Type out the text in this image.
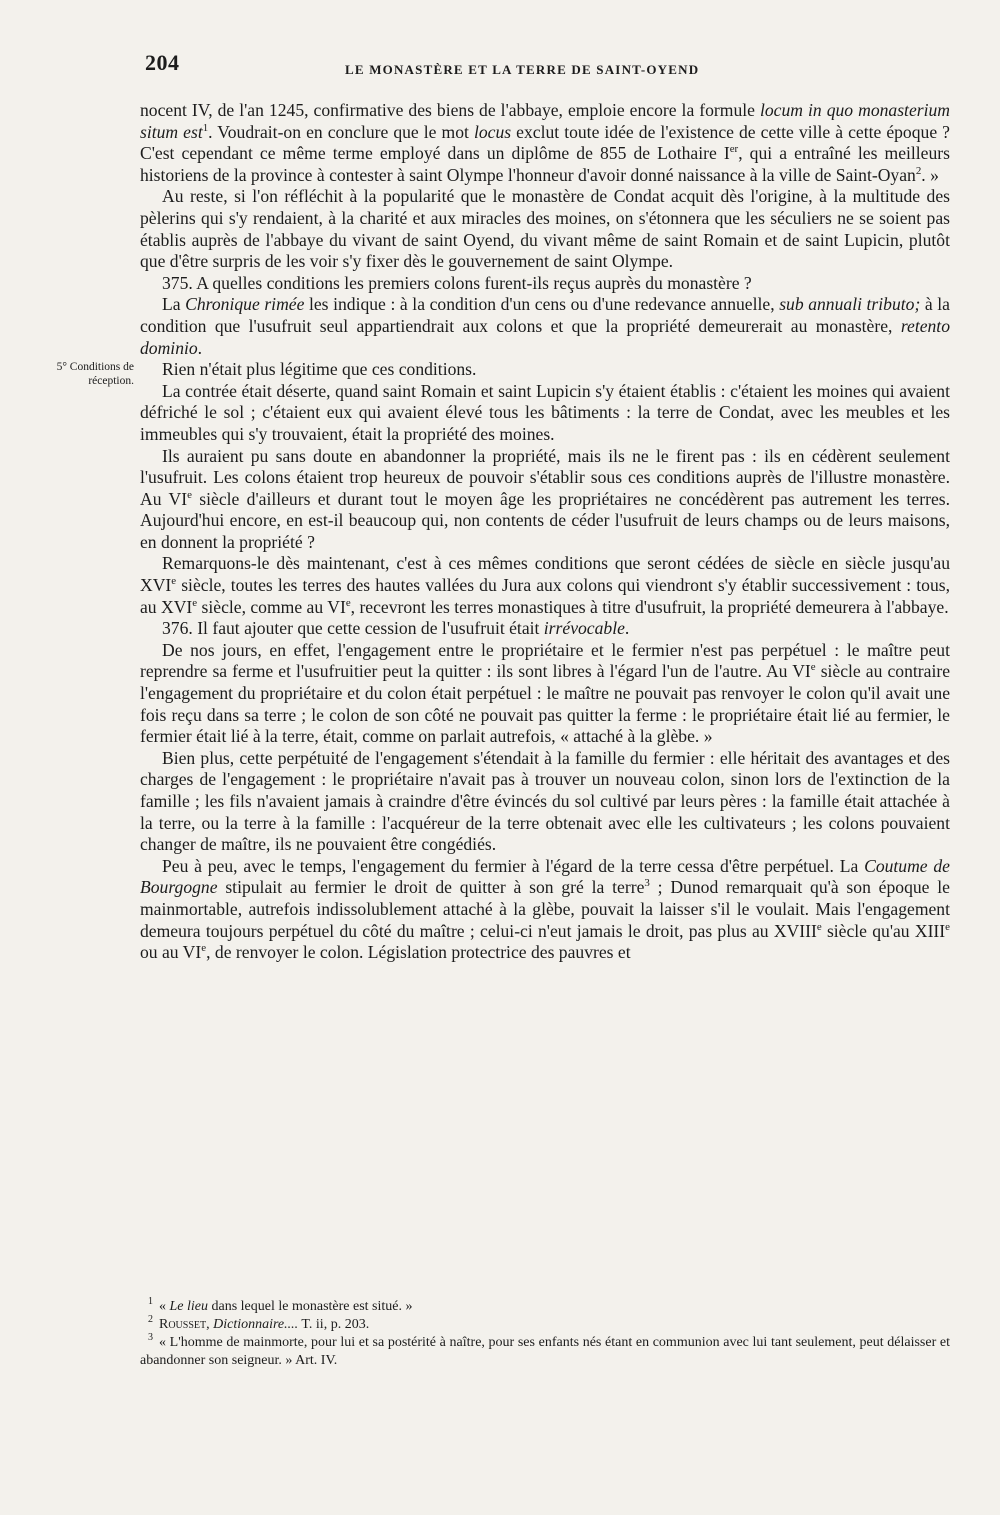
204	LE MONASTÈRE ET LA TERRE DE SAINT-OYEND
5° Conditions de réception.

nocent IV, de l'an 1245, confirmative des biens de l'abbaye, emploie encore la formule locum in quo monasterium situm est$^1$. Voudrait-on en conclure que le mot locus exclut toute idée de l'existence de cette ville à cette époque ? C'est cependant ce même terme employé dans un diplôme de 855 de Lothaire Ier, qui a entraîné les meilleurs historiens de la province à contester à saint Olympe l'honneur d'avoir donné naissance à la ville de Saint-Oyan$^2$. »

Au reste, si l'on réfléchit à la popularité que le monastère de Condat acquit dès l'origine, à la multitude des pèlerins qui s'y rendaient, à la charité et aux miracles des moines, on s'étonnera que les séculiers ne se soient pas établis auprès de l'abbaye du vivant de saint Oyend, du vivant même de saint Romain et de saint Lupicin, plutôt que d'être surpris de les voir s'y fixer dès le gouvernement de saint Olympe.

375. A quelles conditions les premiers colons furent-ils reçus auprès du monastère ?

La Chronique rimée les indique : à la condition d'un cens ou d'une redevance annuelle, sub annuali tributo; à la condition que l'usufruit seul appartiendrait aux colons et que la propriété demeurerait au monastère, retento dominio.

Rien n'était plus légitime que ces conditions.

La contrée était déserte, quand saint Romain et saint Lupicin s'y étaient établis : c'étaient les moines qui avaient défriché le sol ; c'étaient eux qui avaient élevé tous les bâtiments : la terre de Condat, avec les meubles et les immeubles qui s'y trouvaient, était la propriété des moines.

Ils auraient pu sans doute en abandonner la propriété, mais ils ne le firent pas : ils en cédèrent seulement l'usufruit. Les colons étaient trop heureux de pouvoir s'établir sous ces conditions auprès de l'illustre monastère. Au VIe siècle d'ailleurs et durant tout le moyen âge les propriétaires ne concédèrent pas autrement les terres. Aujourd'hui encore, en est-il beaucoup qui, non contents de céder l'usufruit de leurs champs ou de leurs maisons, en donnent la propriété ?

Remarquons-le dès maintenant, c'est à ces mêmes conditions que seront cédées de siècle en siècle jusqu'au XVIe siècle, toutes les terres des hautes vallées du Jura aux colons qui viendront s'y établir successivement : tous, au XVIe siècle, comme au VIe, recevront les terres monastiques à titre d'usufruit, la propriété demeurera à l'abbaye.

376. Il faut ajouter que cette cession de l'usufruit était irrévocable.

De nos jours, en effet, l'engagement entre le propriétaire et le fermier n'est pas perpétuel : le maître peut reprendre sa ferme et l'usufruitier peut la quitter : ils sont libres à l'égard l'un de l'autre. Au VIe siècle au contraire l'engagement du propriétaire et du colon était perpétuel : le maître ne pouvait pas renvoyer le colon qu'il avait une fois reçu dans sa terre ; le colon de son côté ne pouvait pas quitter la ferme : le propriétaire était lié au fermier, le fermier était lié à la terre, était, comme on parlait autrefois, « attaché à la glèbe. »

Bien plus, cette perpétuité de l'engagement s'étendait à la famille du fermier : elle héritait des avantages et des charges de l'engagement : le propriétaire n'avait pas à trouver un nouveau colon, sinon lors de l'extinction de la famille ; les fils n'avaient jamais à craindre d'être évincés du sol cultivé par leurs pères : la famille était attachée à la terre, ou la terre à la famille : l'acquéreur de la terre obtenait avec elle les cultivateurs ; les colons pouvaient changer de maître, ils ne pouvaient être congédiés.

Peu à peu, avec le temps, l'engagement du fermier à l'égard de la terre cessa d'être perpétuel. La Coutume de Bourgogne stipulait au fermier le droit de quitter à son gré la terre$^3$ ; Dunod remarquait qu'à son époque le mainmortable, autrefois indissolublement attaché à la glèbe, pouvait la laisser s'il le voulait. Mais l'engagement demeura toujours perpétuel du côté du maître ; celui-ci n'eut jamais le droit, pas plus au XVIIIe siècle qu'au XIIIe ou au VIe, de renvoyer le colon. Législation protectrice des pauvres et

$^1$ « Le lieu dans lequel le monastère est situé. »

$^2$ Rousset, Dictionnaire.... T. ii, p. 203.

$^3$ « L'homme de mainmorte, pour lui et sa postérité à naître, pour ses enfants nés étant en communion avec lui tant seulement, peut délaisser et abandonner son seigneur. » Art. IV.
